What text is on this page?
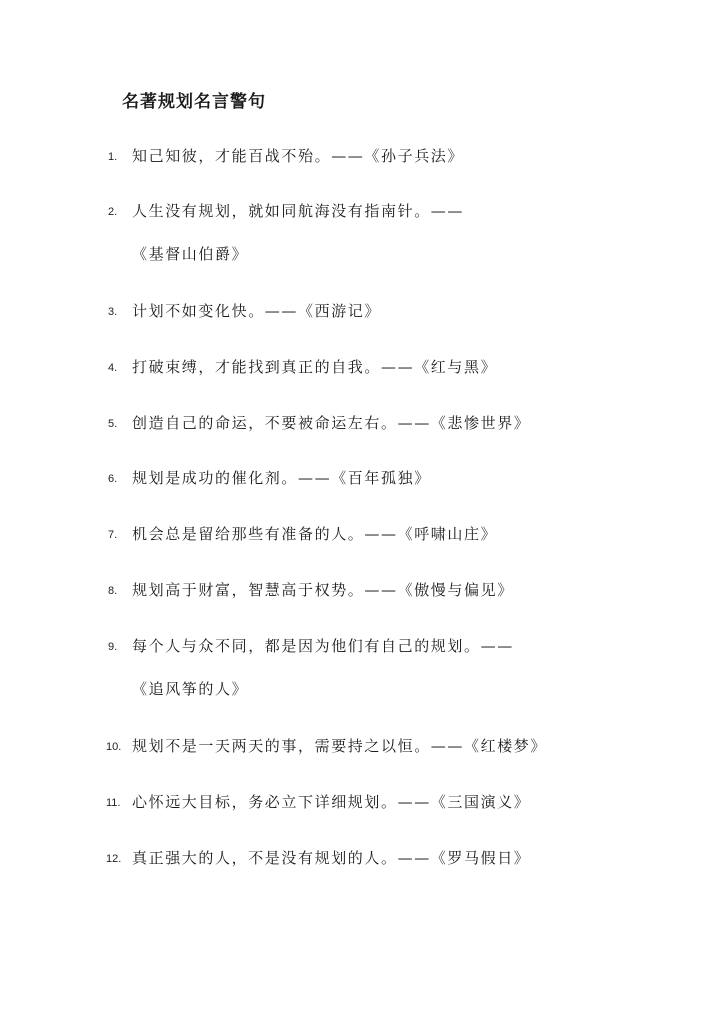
名著规划名言警句
1. 知己知彼，才能百战不殆。——《孙子兵法》
2. 人生没有规划，就如同航海没有指南针。——
《基督山伯爵》
3. 计划不如变化快。——《西游记》
4. 打破束缚，才能找到真正的自我。——《红与黑》
5. 创造自己的命运，不要被命运左右。——《悲惨世界》
6. 规划是成功的催化剂。——《百年孤独》
7. 机会总是留给那些有准备的人。——《呼啸山庄》
8. 规划高于财富，智慧高于权势。——《傲慢与偏见》
9. 每个人与众不同，都是因为他们有自己的规划。——
《追风筝的人》
10. 规划不是一天两天的事，需要持之以恒。——《红楼梦》
11. 心怀远大目标，务必立下详细规划。——《三国演义》
12. 真正强大的人，不是没有规划的人。——《罗马假日》
